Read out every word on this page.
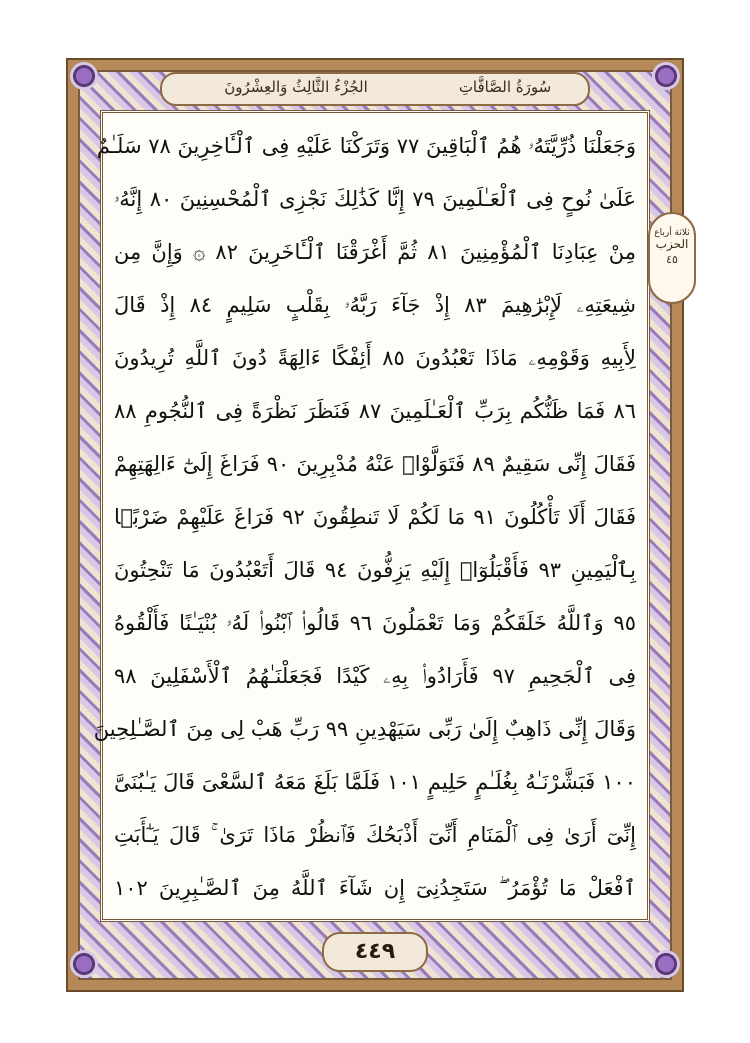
الجُزْءُ الثَّالِثُ وَالعِشْرُونَ	سُورَةُ الصَّافَّاتِ
ثلاثة أرباع
الحزب
٤٥
وَجَعَلْنَا ذُرِّيَّتَهُۥ هُمُ ٱلْبَاقِينَ ٧٧ وَتَرَكْنَا عَلَيْهِ فِى ٱلْـَٔاخِرِينَ ٧٨ سَلَـٰمٌ
عَلَىٰ نُوحٍ فِى ٱلْعَـٰلَمِينَ ٧٩ إِنَّا كَذَٰلِكَ نَجْزِى ٱلْمُحْسِنِينَ ٨٠ إِنَّهُۥ
مِنْ عِبَادِنَا ٱلْمُؤْمِنِينَ ٨١ ثُمَّ أَغْرَقْنَا ٱلْـَٔاخَرِينَ ٨٢ ۞ وَإِنَّ مِن
شِيعَتِهِۦ لَإِبْرَٰهِيمَ ٨٣ إِذْ جَآءَ رَبَّهُۥ بِقَلْبٍ سَلِيمٍ ٨٤ إِذْ قَالَ
لِأَبِيهِ وَقَوْمِهِۦ مَاذَا تَعْبُدُونَ ٨٥ أَئِفْكًا ءَالِهَةً دُونَ ٱللَّهِ تُرِيدُونَ
٨٦ فَمَا ظَنُّكُم بِرَبِّ ٱلْعَـٰلَمِينَ ٨٧ فَنَظَرَ نَظْرَةً فِى ٱلنُّجُومِ ٨٨
فَقَالَ إِنِّى سَقِيمٌ ٨٩ فَتَوَلَّوْا۟ عَنْهُ مُدْبِرِينَ ٩٠ فَرَاغَ إِلَىٰٓ ءَالِهَتِهِمْ
فَقَالَ أَلَا تَأْكُلُونَ ٩١ مَا لَكُمْ لَا تَنطِقُونَ ٩٢ فَرَاغَ عَلَيْهِمْ ضَرْبًۢا
بِٱلْيَمِينِ ٩٣ فَأَقْبَلُوٓا۟ إِلَيْهِ يَزِفُّونَ ٩٤ قَالَ أَتَعْبُدُونَ مَا تَنْحِتُونَ
٩٥ وَٱللَّهُ خَلَقَكُمْ وَمَا تَعْمَلُونَ ٩٦ قَالُوا۟ ٱبْنُوا۟ لَهُۥ بُنْيَـٰنًا فَأَلْقُوهُ
فِى ٱلْجَحِيمِ ٩٧ فَأَرَادُوا۟ بِهِۦ كَيْدًا فَجَعَلْنَـٰهُمُ ٱلْأَسْفَلِينَ ٩٨
وَقَالَ إِنِّى ذَاهِبٌ إِلَىٰ رَبِّى سَيَهْدِينِ ٩٩ رَبِّ هَبْ لِى مِنَ ٱلصَّـٰلِحِينَ
١٠٠ فَبَشَّرْنَـٰهُ بِغُلَـٰمٍ حَلِيمٍ ١٠١ فَلَمَّا بَلَغَ مَعَهُ ٱلسَّعْىَ قَالَ يَـٰبُنَىَّ
إِنِّىٓ أَرَىٰ فِى ٱلْمَنَامِ أَنِّىٓ أَذْبَحُكَ فَٱنظُرْ مَاذَا تَرَىٰ ۚ قَالَ يَـٰٓأَبَتِ
ٱفْعَلْ مَا تُؤْمَرُ ۖ سَتَجِدُنِىٓ إِن شَآءَ ٱللَّهُ مِنَ ٱلصَّـٰبِرِينَ ١٠٢
٤٤٩
